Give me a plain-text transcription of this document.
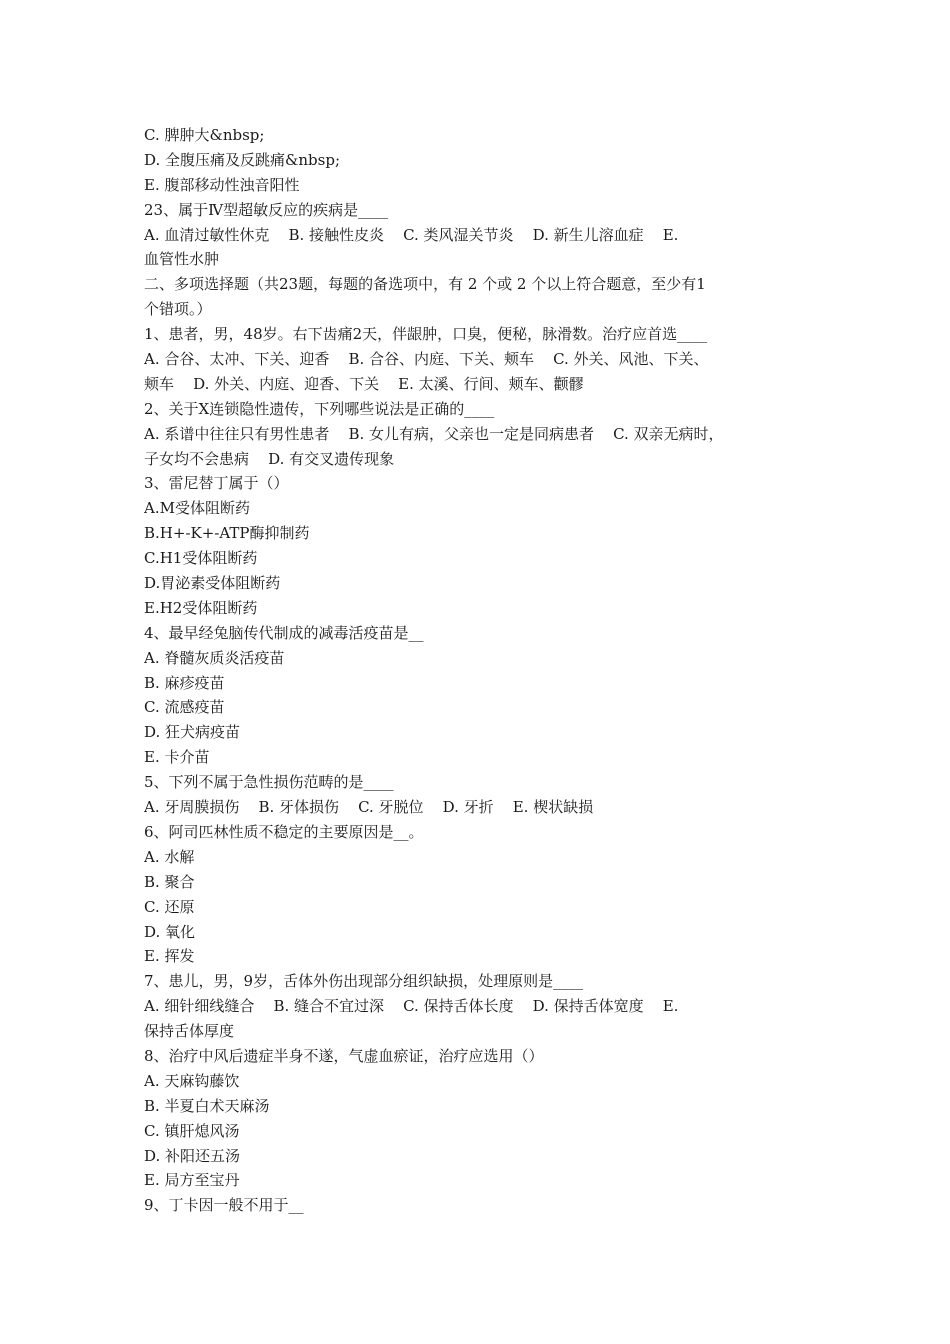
C. 脾肿大&nbsp;
D. 全腹压痛及反跳痛&nbsp;
E. 腹部移动性浊音阳性
23、属于Ⅳ型超敏反应的疾病是____
A. 血清过敏性休克    B. 接触性皮炎    C. 类风湿关节炎    D. 新生儿溶血症    E.
血管性水肿
二、多项选择题（共23题，每题的备选项中，有 2 个或 2 个以上符合题意，至少有1
个错项。）
1、患者，男，48岁。右下齿痛2天，伴龈肿，口臭，便秘，脉滑数。治疗应首选____
A. 合谷、太冲、下关、迎香    B. 合谷、内庭、下关、颊车    C. 外关、风池、下关、
颊车    D. 外关、内庭、迎香、下关    E. 太溪、行间、颊车、颧髎
2、关于X连锁隐性遗传，下列哪些说法是正确的____
A. 系谱中往往只有男性患者    B. 女儿有病，父亲也一定是同病患者    C. 双亲无病时，
子女均不会患病    D. 有交叉遗传现象
3、雷尼替丁属于（）
A.M受体阻断药
B.H+-K+-ATP酶抑制药
C.H1受体阻断药
D.胃泌素受体阻断药
E.H2受体阻断药
4、最早经兔脑传代制成的减毒活疫苗是__
A. 脊髓灰质炎活疫苗
B. 麻疹疫苗
C. 流感疫苗
D. 狂犬病疫苗
E. 卡介苗
5、下列不属于急性损伤范畴的是____
A. 牙周膜损伤    B. 牙体损伤    C. 牙脱位    D. 牙折    E. 楔状缺损
6、阿司匹林性质不稳定的主要原因是__。
A. 水解
B. 聚合
C. 还原
D. 氧化
E. 挥发
7、患儿，男，9岁，舌体外伤出现部分组织缺损，处理原则是____
A. 细针细线缝合    B. 缝合不宜过深    C. 保持舌体长度    D. 保持舌体宽度    E.
保持舌体厚度
8、治疗中风后遗症半身不遂，气虚血瘀证，治疗应选用（）
A. 天麻钩藤饮
B. 半夏白术天麻汤
C. 镇肝熄风汤
D. 补阳还五汤
E. 局方至宝丹
9、丁卡因一般不用于__
